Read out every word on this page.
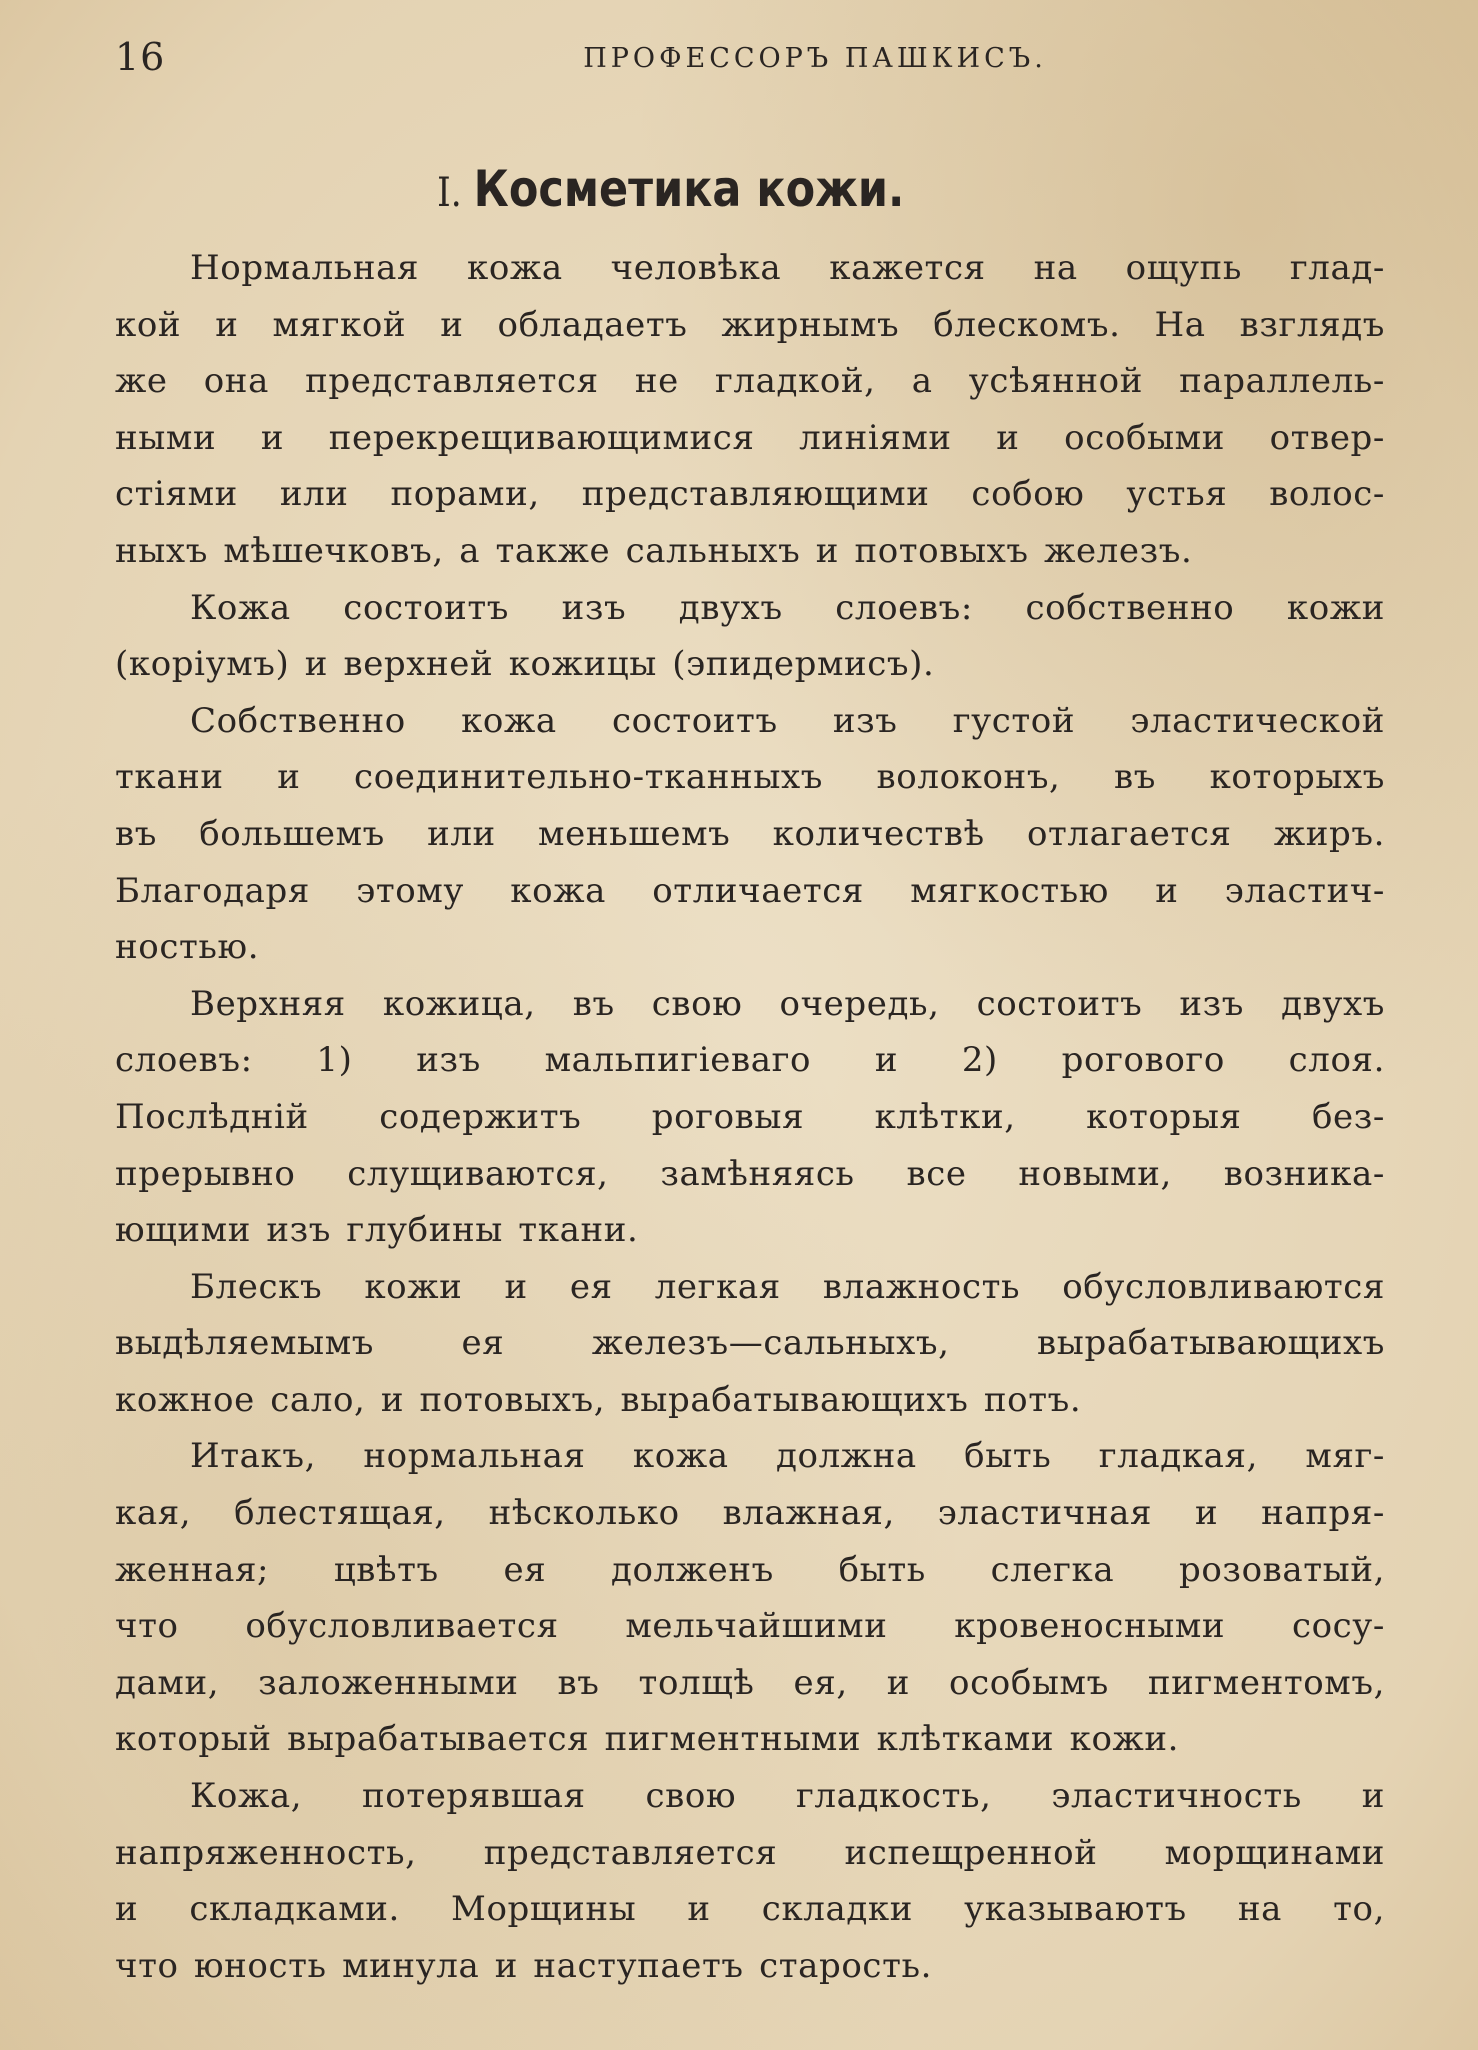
16	ПРОФЕССОРЪ ПАШКИСЪ.
I. Косметика кожи.
Нормальная кожа человѣка кажется на ощупь глад-
кой и мягкой и обладаетъ жирнымъ блескомъ. На взглядъ
же она представляется не гладкой, а усѣянной параллель-
ными и перекрещивающимися линіями и особыми отвер-
стіями или порами, представляющими собою устья волос-
ныхъ мѣшечковъ, а также сальныхъ и потовыхъ железъ.
Кожа состоитъ изъ двухъ слоевъ: собственно кожи
(коріумъ) и верхней кожицы (эпидермисъ).
Собственно кожа состоитъ изъ густой эластической
ткани и соединительно-тканныхъ волоконъ, въ которыхъ
въ большемъ или меньшемъ количествѣ отлагается жиръ.
Благодаря этому кожа отличается мягкостью и эластич-
ностью.
Верхняя кожица, въ свою очередь, состоитъ изъ двухъ
слоевъ: 1) изъ мальпигіеваго и 2) рогового слоя.
Послѣдній содержитъ роговыя клѣтки, которыя без-
прерывно слущиваются, замѣняясь все новыми, возника-
ющими изъ глубины ткани.
Блескъ кожи и ея легкая влажность обусловливаются
выдѣляемымъ ея железъ—сальныхъ, вырабатывающихъ
кожное сало, и потовыхъ, вырабатывающихъ потъ.
Итакъ, нормальная кожа должна быть гладкая, мяг-
кая, блестящая, нѣсколько влажная, эластичная и напря-
женная; цвѣтъ ея долженъ быть слегка розоватый,
что обусловливается мельчайшими кровеносными сосу-
дами, заложенными въ толщѣ ея, и особымъ пигментомъ,
который вырабатывается пигментными клѣтками кожи.
Кожа, потерявшая свою гладкость, эластичность и
напряженность, представляется испещренной морщинами
и складками. Морщины и складки указываютъ на то,
что юность минула и наступаетъ старость.
